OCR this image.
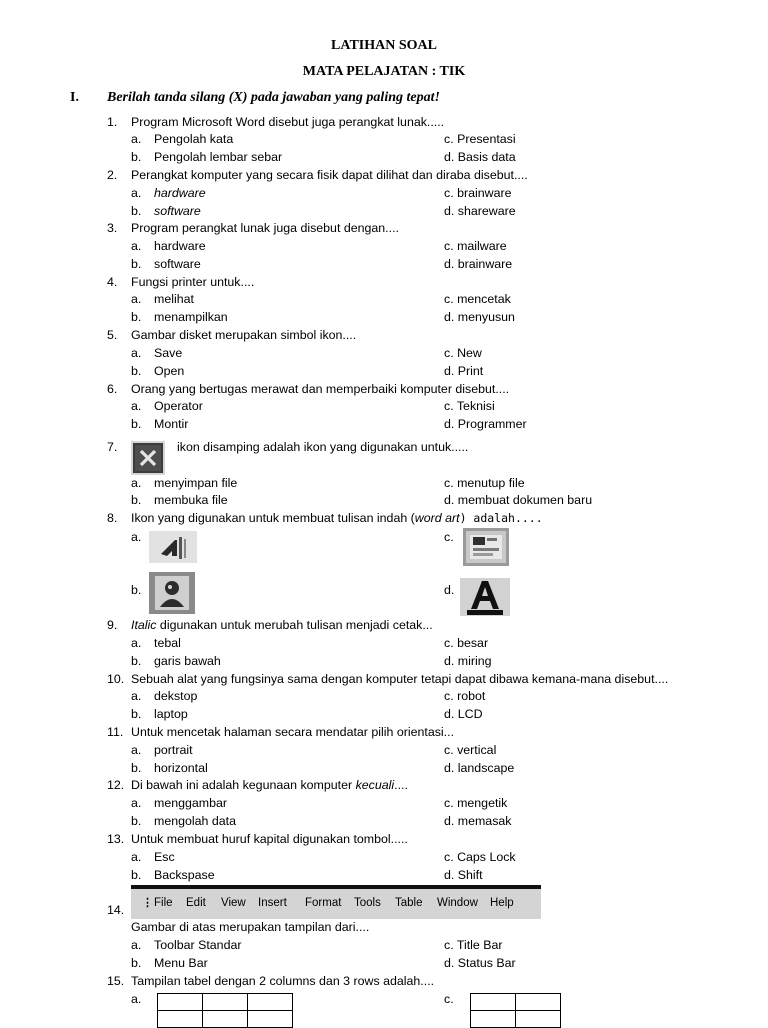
LATIHAN SOAL
MATA PELAJATAN : TIK
I. Berilah tanda silang (X) pada jawaban yang paling tepat!
1. Program Microsoft Word disebut juga perangkat lunak.....
a. Pengolah kata	c. Presentasi
b. Pengolah lembar sebar	d. Basis data
2. Perangkat komputer yang secara fisik dapat dilihat dan diraba disebut....
a. hardware	c. brainware
b. software	d. shareware
3. Program perangkat lunak juga disebut dengan....
a. hardware	c. mailware
b. software	d. brainware
4. Fungsi printer untuk....
a. melihat	c. mencetak
b. menampilkan	d. menyusun
5. Gambar disket merupakan simbol ikon....
a. Save	c. New
b. Open	d. Print
6. Orang yang bertugas merawat dan memperbaiki komputer disebut....
a. Operator	c. Teknisi
b. Montir	d. Programmer
7.	ikon disamping adalah ikon yang digunakan untuk.....
a. menyimpan file	c. menutup file
b. membuka file	d. membuat dokumen baru
8. Ikon yang digunakan untuk membuat tulisan indah (word art) adalah....
a.	c.
b.	d.
9. Italic digunakan untuk merubah tulisan menjadi cetak...
a. tebal	c. besar
b. garis bawah	d. miring
10. Sebuah alat yang fungsinya sama dengan komputer tetapi dapat dibawa kemana-mana disebut....
a. dekstop	c. robot
b. laptop	d. LCD
11. Untuk mencetak halaman secara mendatar pilih orientasi...
a. portrait	c. vertical
b. horizontal	d. landscape
12. Di bawah ini adalah kegunaan komputer kecuali....
a. menggambar	c. mengetik
b. mengolah data	d. memasak
13. Untuk membuat huruf kapital digunakan tombol.....
a. Esc	c. Caps Lock
b. Backspase	d. Shift
14. ⋮ File Edit View Insert Format Tools Table Window Help
Gambar di atas merupakan tampilan dari....
a. Toolbar Standar	c. Title Bar
b. Menu Bar	d. Status Bar
15. Tampilan tabel dengan 2 columns dan 3 rows adalah....
a.

			c.
